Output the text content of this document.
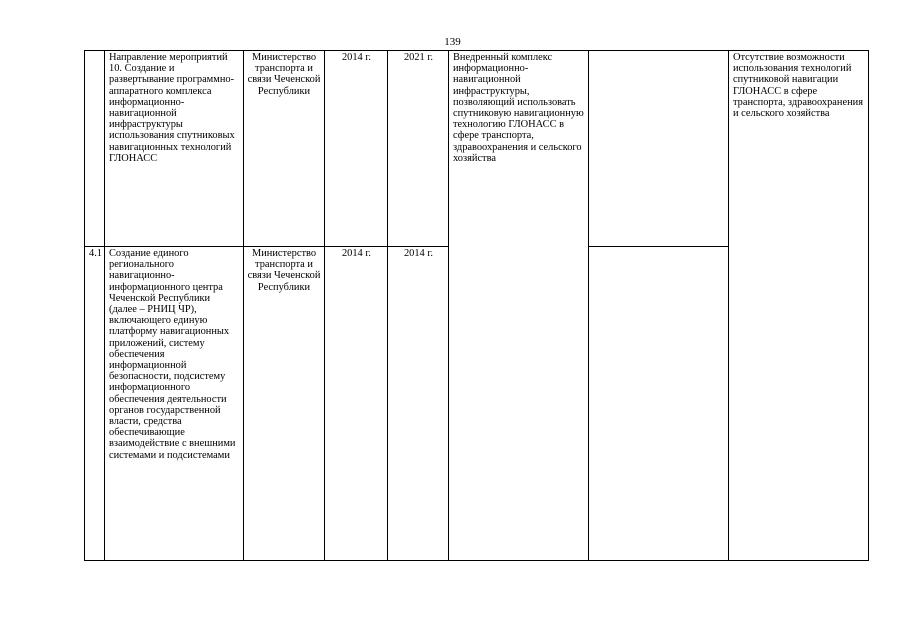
139
	Направление мероприятий 10. Создание и развертывание программно-аппаратного комплекса информационно-навигационной инфраструктуры использования спутниковых навигационных технологий ГЛОНАСС	Министерство транспорта и связи Чеченской Республики	2014 г.	2021 г.	Внедренный комплекс информационно-навигационной инфраструктуры, позволяющий использовать спутниковую навигационную технологию ГЛОНАСС в сфере транспорта, здравоохранения и сельского хозяйства		Отсутствие возможности использования технологий спутниковой навигации ГЛОНАСС в сфере транспорта, здравоохранения и сельского хозяйства
4.1	Создание единого регионального навигационно-информационного центра Чеченской Республики (далее – РНИЦ ЧР), включающего единую платформу навигационных приложений, систему обеспечения информационной безопасности, подсистему информационного обеспечения деятельности органов государственной власти, средства обеспечивающие взаимодействие с внешними системами и подсистемами	Министерство транспорта и связи Чеченской Республики	2014 г.	2014 г.			
